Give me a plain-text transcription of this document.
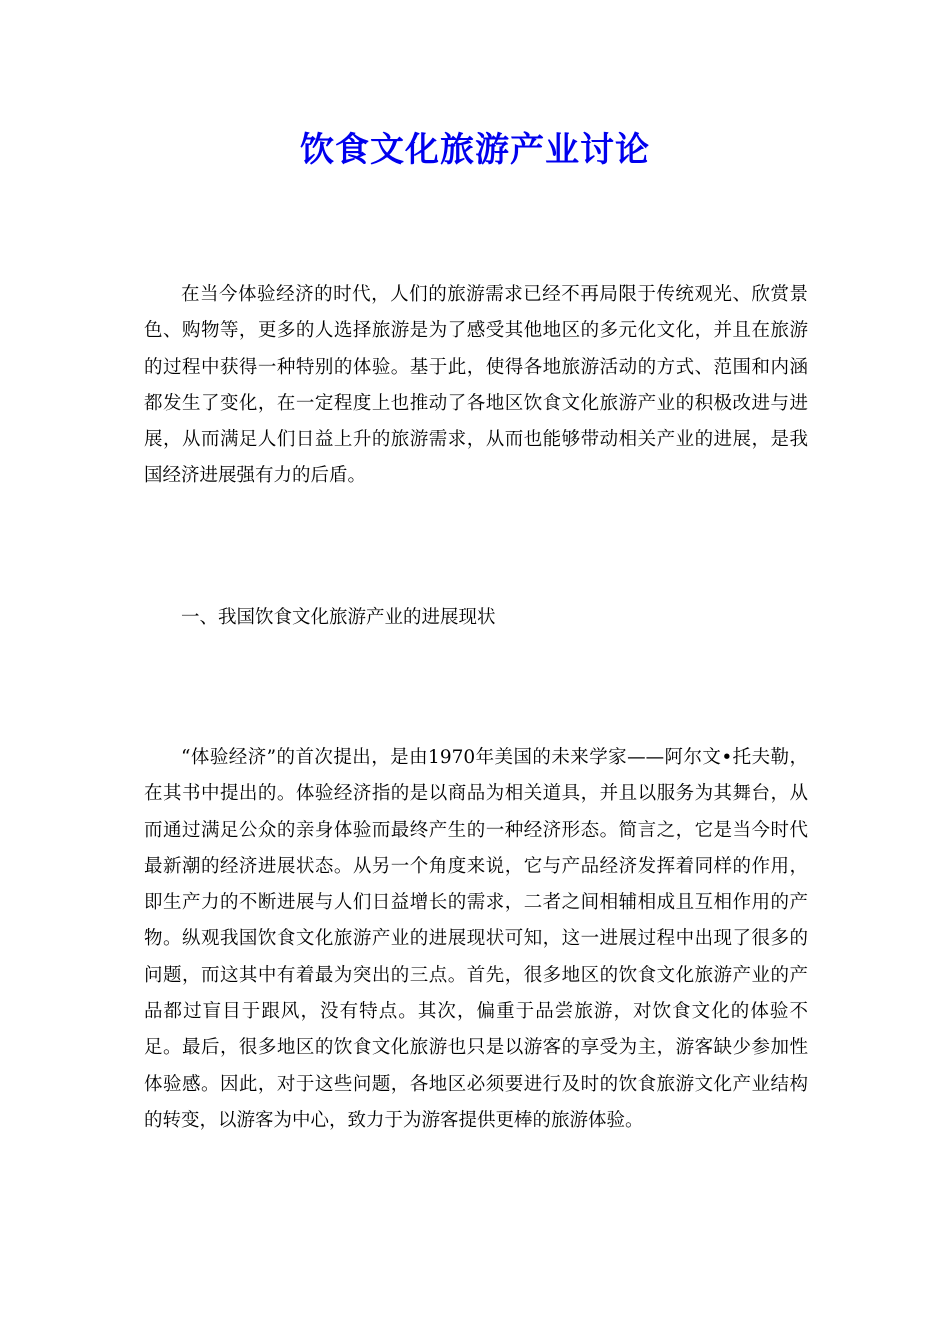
饮食文化旅游产业讨论

在当今体验经济的时代，人们的旅游需求已经不再局限于传统观光、欣赏景色、购物等，更多的人选择旅游是为了感受其他地区的多元化文化，并且在旅游的过程中获得一种特别的体验。基于此，使得各地旅游活动的方式、范围和内涵都发生了变化，在一定程度上也推动了各地区饮食文化旅游产业的积极改进与进展，从而满足人们日益上升的旅游需求，从而也能够带动相关产业的进展，是我国经济进展强有力的后盾。

一、我国饮食文化旅游产业的进展现状

“体验经济”的首次提出，是由1970年美国的未来学家——阿尔文•托夫勒，在其书中提出的。体验经济指的是以商品为相关道具，并且以服务为其舞台，从而通过满足公众的亲身体验而最终产生的一种经济形态。简言之，它是当今时代最新潮的经济进展状态。从另一个角度来说，它与产品经济发挥着同样的作用，即生产力的不断进展与人们日益增长的需求，二者之间相辅相成且互相作用的产物。纵观我国饮食文化旅游产业的进展现状可知，这一进展过程中出现了很多的问题，而这其中有着最为突出的三点。首先，很多地区的饮食文化旅游产业的产品都过盲目于跟风，没有特点。其次，偏重于品尝旅游，对饮食文化的体验不足。最后，很多地区的饮食文化旅游也只是以游客的享受为主，游客缺少参加性体验感。因此，对于这些问题，各地区必须要进行及时的饮食旅游文化产业结构的转变，以游客为中心，致力于为游客提供更棒的旅游体验。
